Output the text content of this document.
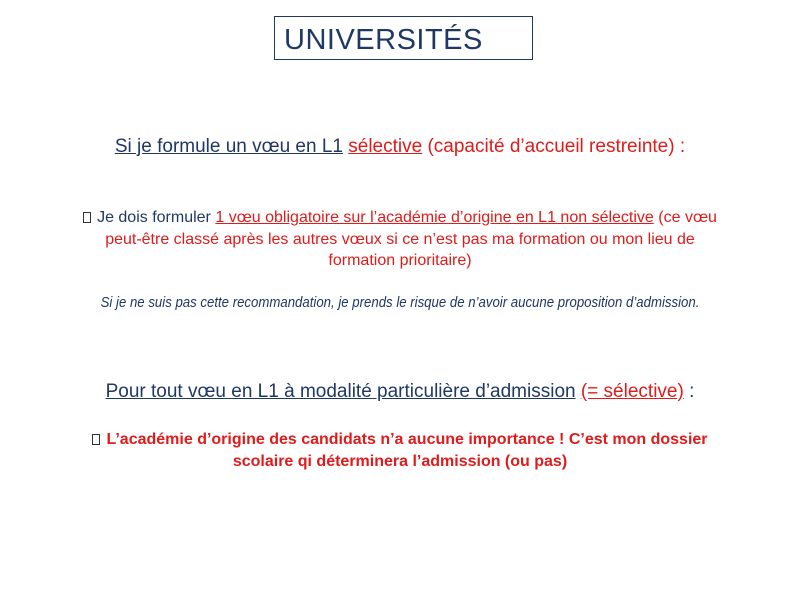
UNIVERSITÉS
Si je formule un vœu en L1 sélective (capacité d’accueil restreinte) :
Je dois formuler 1 vœu obligatoire sur l’académie d’origine en L1 non sélective (ce vœu
peut-être classé après les autres vœux si ce n’est pas ma formation ou mon lieu de
formation prioritaire)
Si je ne suis pas cette recommandation, je prends le risque de n’avoir aucune proposition d’admission.
Pour tout vœu en L1 à modalité particulière d’admission (= sélective) :
L’académie d’origine des candidats n’a aucune importance ! C’est mon dossier
scolaire qi déterminera l’admission (ou pas)
